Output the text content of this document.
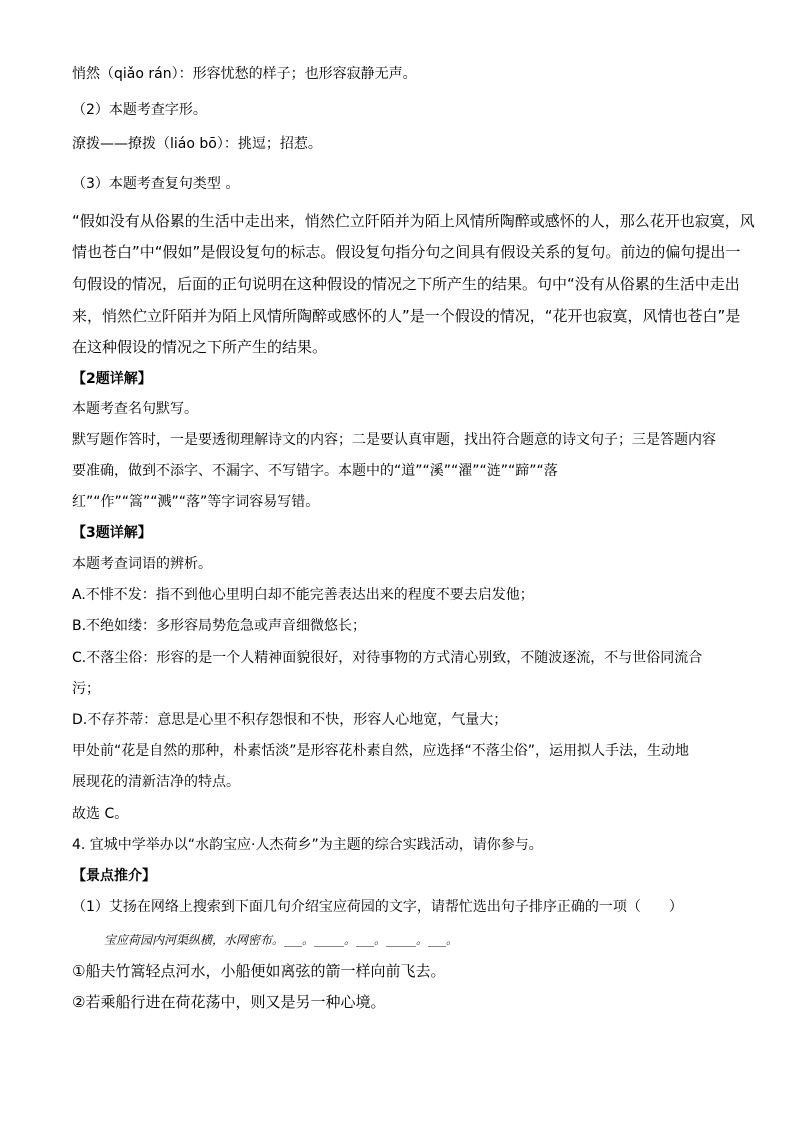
悄然（qiǎo rán）：形容忧愁的样子；也形容寂静无声。
（2）本题考查字形。
潦拨——撩拨（liáo bō）：挑逗；招惹。
（3）本题考查复句类型 。
“假如没有从俗累的生活中走出来，悄然伫立阡陌并为陌上风情所陶醉或感怀的人，那么花开也寂寞，风
情也苍白”中“假如”是假设复句的标志。假设复句指分句之间具有假设关系的复句。前边的偏句提出一
句假设的情况，后面的正句说明在这种假设的情况之下所产生的结果。句中“没有从俗累的生活中走出
来，悄然伫立阡陌并为陌上风情所陶醉或感怀的人”是一个假设的情况，“花开也寂寞，风情也苍白”是
在这种假设的情况之下所产生的结果。
【2题详解】
本题考查名句默写。
默写题作答时，一是要透彻理解诗文的内容；二是要认真审题，找出符合题意的诗文句子；三是答题内容
要准确，做到不添字、不漏字、不写错字。本题中的“道”“溪”“濯”“涟”“蹄”“落
红”“作”“篙”“溅”“落”等字词容易写错。
【3题详解】
本题考查词语的辨析。
A.不悱不发：指不到他心里明白却不能完善表达出来的程度不要去启发他；
B.不绝如缕：多形容局势危急或声音细微悠长；
C.不落尘俗：形容的是一个人精神面貌很好，对待事物的方式清心别致，不随波逐流，不与世俗同流合
污；
D.不存芥蒂：意思是心里不积存怨恨和不快，形容人心地宽，气量大；
甲处前“花是自然的那种，朴素恬淡”是形容花朴素自然，应选择“不落尘俗”，运用拟人手法，生动地
展现花的清新洁净的特点。
故选 C。
4. 宜城中学举办以“水韵宝应·人杰荷乡”为主题的综合实践活动，请你参与。
【景点推介】
（1）艾扬在网络上搜索到下面几句介绍宝应荷园的文字，请帮忙选出句子排序正确的一项（　　）
宝应荷园内河渠纵横，水网密布。___。_____。___。_____。___。
①船夫竹篙轻点河水，小船便如离弦的箭一样向前飞去。
②若乘船行进在荷花荡中，则又是另一种心境。
